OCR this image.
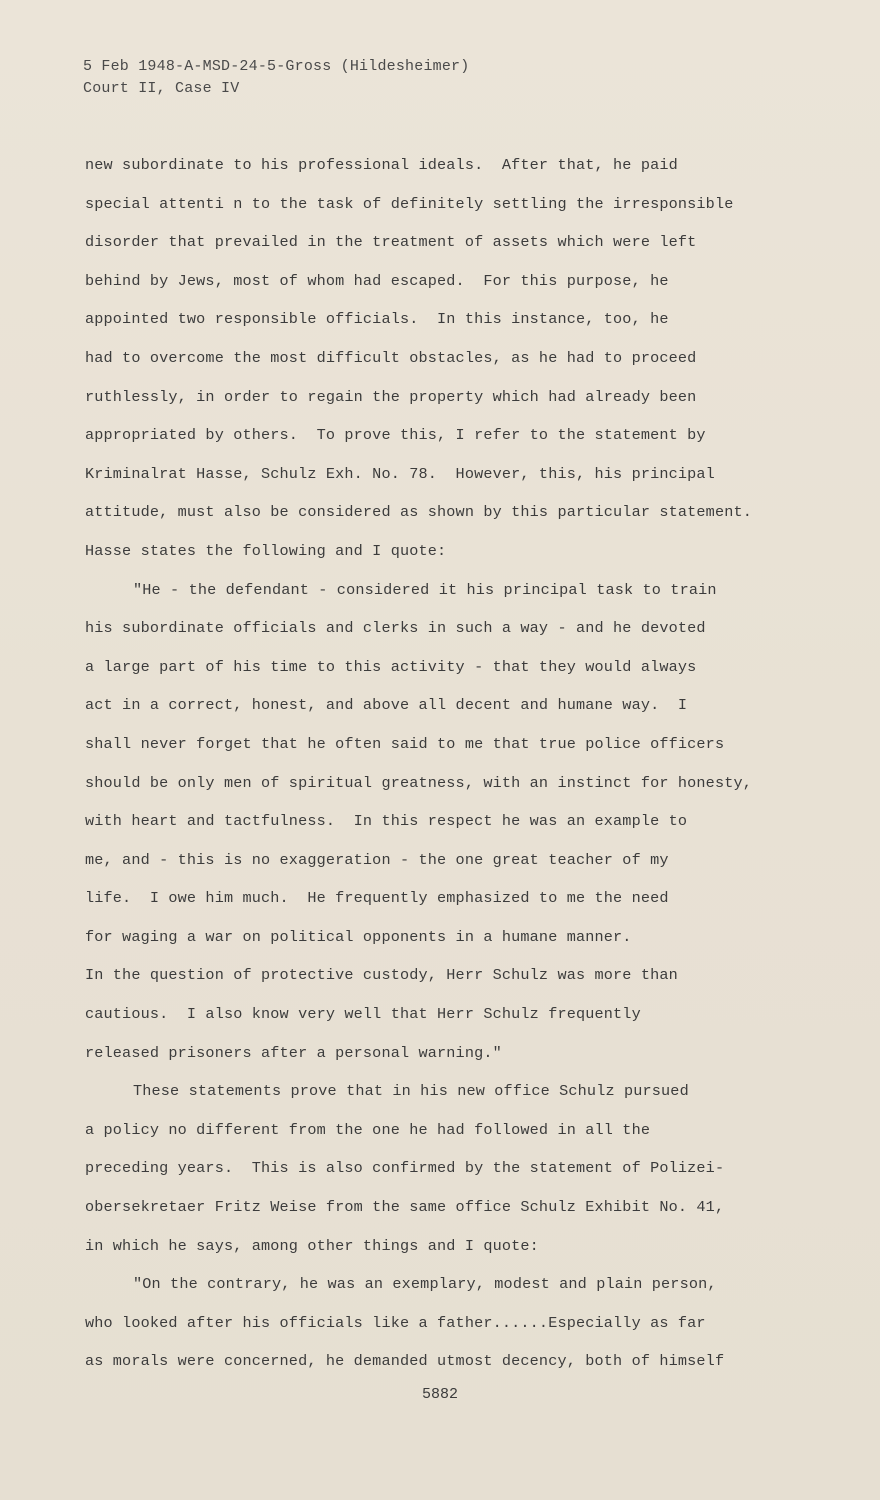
5 Feb 1948-A-MSD-24-5-Gross (Hildesheimer)
Court II, Case IV
new subordinate to his professional ideals.  After that, he paid
special attenti n to the task of definitely settling the irresponsible
disorder that prevailed in the treatment of assets which were left
behind by Jews, most of whom had escaped.  For this purpose, he
appointed two responsible officials.  In this instance, too, he
had to overcome the most difficult obstacles, as he had to proceed
ruthlessly, in order to regain the property which had already been
appropriated by others.  To prove this, I refer to the statement by
Kriminalrat Hasse, Schulz Exh. No. 78.  However, this, his principal
attitude, must also be considered as shown by this particular statement.
Hasse states the following and I quote:
"He - the defendant - considered it his principal task to train
his subordinate officials and clerks in such a way - and he devoted
a large part of his time to this activity - that they would always
act in a correct, honest, and above all decent and humane way.  I
shall never forget that he often said to me that true police officers
should be only men of spiritual greatness, with an instinct for honesty,
with heart and tactfulness.  In this respect he was an example to
me, and - this is no exaggeration - the one great teacher of my
life.  I owe him much.  He frequently emphasized to me the need
for waging a war on political opponents in a humane manner.
In the question of protective custody, Herr Schulz was more than
cautious.  I also know very well that Herr Schulz frequently
released prisoners after a personal warning."
These statements prove that in his new office Schulz pursued
a policy no different from the one he had followed in all the
preceding years.  This is also confirmed by the statement of Polizei-
obersekretaer Fritz Weise from the same office Schulz Exhibit No. 41,
in which he says, among other things and I quote:
"On the contrary, he was an exemplary, modest and plain person,
who looked after his officials like a father......Especially as far
as morals were concerned, he demanded utmost decency, both of himself
5882
